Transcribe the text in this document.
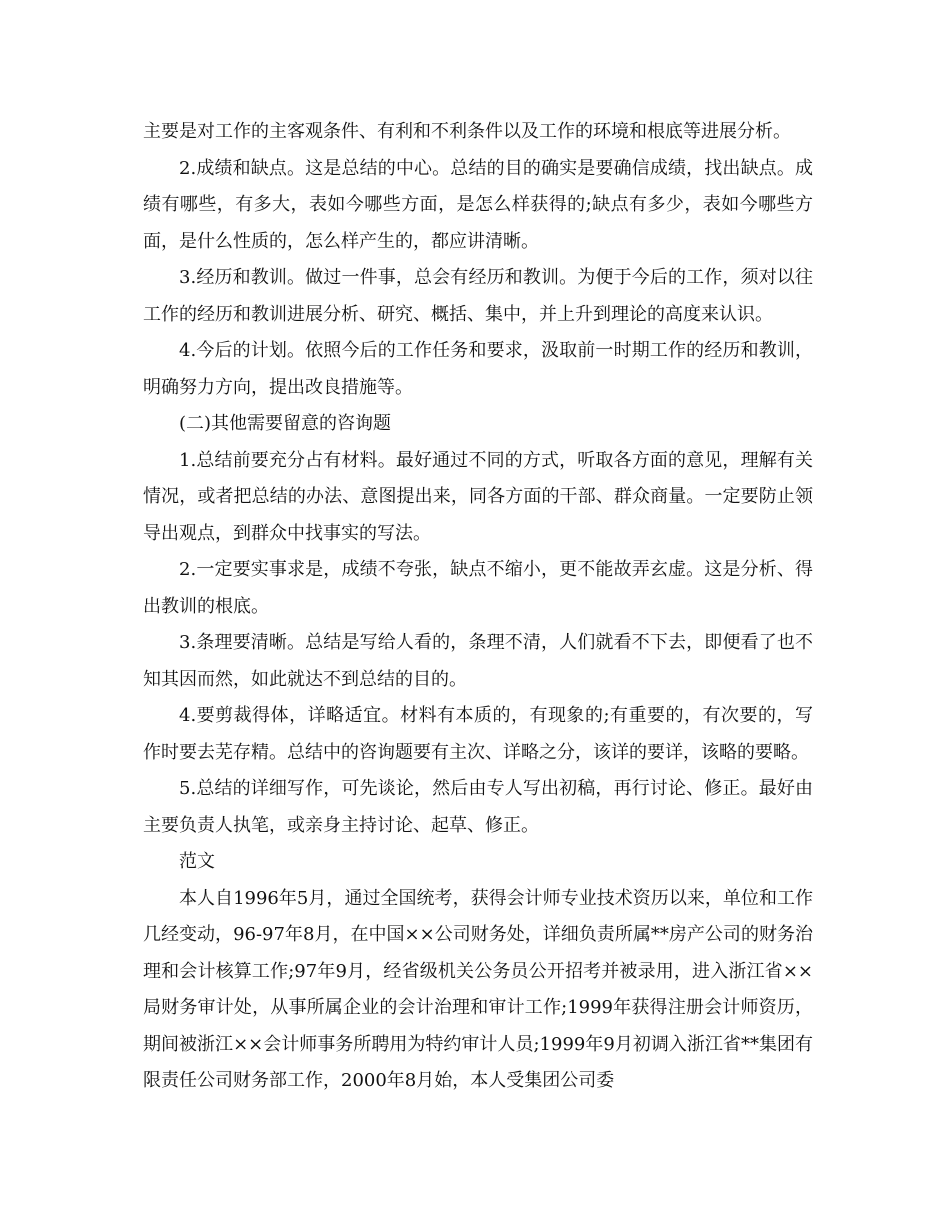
主要是对工作的主客观条件、有利和不利条件以及工作的环境和根底等进展分析。

2.成绩和缺点。这是总结的中心。总结的目的确实是要确信成绩，找出缺点。成绩有哪些，有多大，表如今哪些方面，是怎么样获得的;缺点有多少，表如今哪些方面，是什么性质的，怎么样产生的，都应讲清晰。

3.经历和教训。做过一件事，总会有经历和教训。为便于今后的工作，须对以往工作的经历和教训进展分析、研究、概括、集中，并上升到理论的高度来认识。

4.今后的计划。依照今后的工作任务和要求，汲取前一时期工作的经历和教训，明确努力方向，提出改良措施等。

(二)其他需要留意的咨询题

1.总结前要充分占有材料。最好通过不同的方式，听取各方面的意见，理解有关情况，或者把总结的办法、意图提出来，同各方面的干部、群众商量。一定要防止领导出观点，到群众中找事实的写法。

2.一定要实事求是，成绩不夸张，缺点不缩小，更不能故弄玄虚。这是分析、得出教训的根底。

3.条理要清晰。总结是写给人看的，条理不清，人们就看不下去，即便看了也不知其因而然，如此就达不到总结的目的。

4.要剪裁得体，详略适宜。材料有本质的，有现象的;有重要的，有次要的，写作时要去芜存精。总结中的咨询题要有主次、详略之分，该详的要详，该略的要略。

5.总结的详细写作，可先谈论，然后由专人写出初稿，再行讨论、修正。最好由主要负责人执笔，或亲身主持讨论、起草、修正。

范文

本人自1996年5月，通过全国统考，获得会计师专业技术资历以来，单位和工作几经变动，96-97年8月，在中国××公司财务处，详细负责所属**房产公司的财务治理和会计核算工作;97年9月，经省级机关公务员公开招考并被录用，进入浙江省××局财务审计处，从事所属企业的会计治理和审计工作;1999年获得注册会计师资历，期间被浙江××会计师事务所聘用为特约审计人员;1999年9月初调入浙江省**集团有限责任公司财务部工作，2000年8月始，本人受集团公司委
